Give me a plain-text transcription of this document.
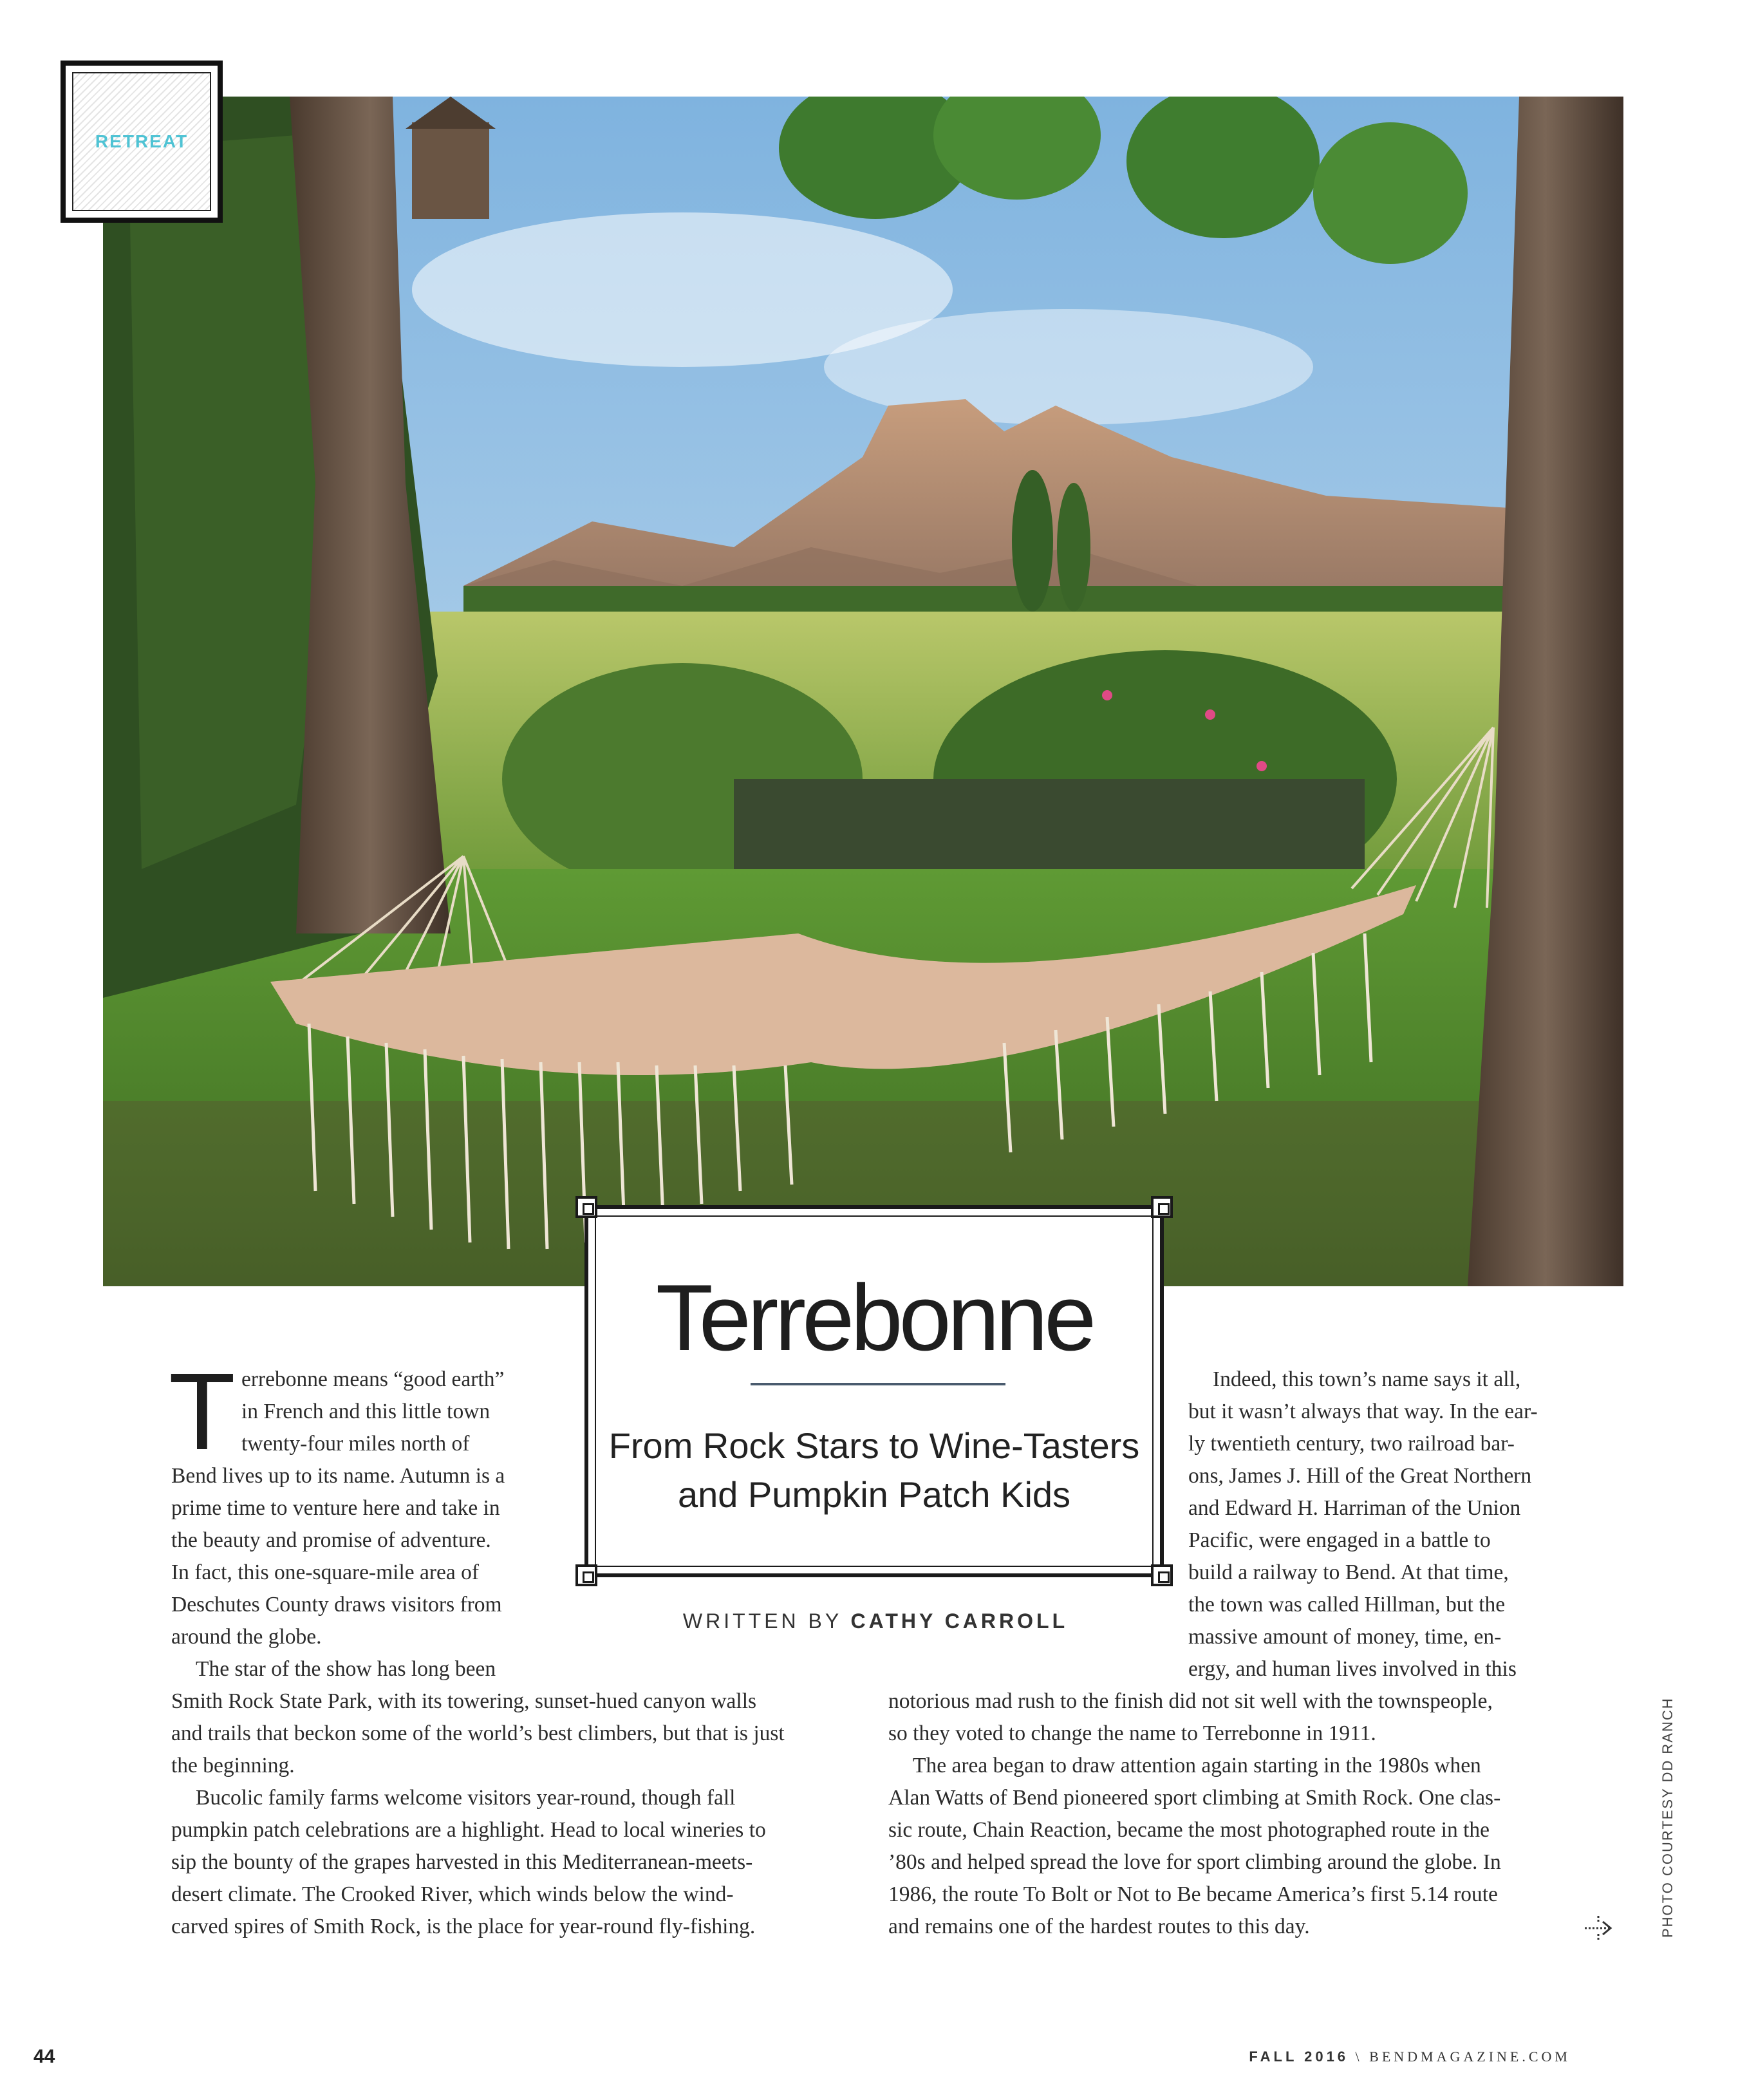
RETREAT
Terrebonne
From Rock Stars to Wine-Tasters
and Pumpkin Patch Kids
WRITTEN BY CATHY CARROLL
T errebonne means “good earth”
in French and this little town
twenty-four miles north of
Bend lives up to its name. Autumn is a
prime time to venture here and take in
the beauty and promise of adventure.
In fact, this one-square-mile area of
Deschutes County draws visitors from
around the globe.
The star of the show has long been
Smith Rock State Park, with its towering, sunset-hued canyon walls
and trails that beckon some of the world’s best climbers, but that is just
the beginning.
Bucolic family farms welcome visitors year-round, though fall
pumpkin patch celebrations are a highlight. Head to local wineries to
sip the bounty of the grapes harvested in this Mediterranean-meets-
desert climate. The Crooked River, which winds below the wind-
carved spires of Smith Rock, is the place for year-round fly-fishing.
Indeed, this town’s name says it all,
but it wasn’t always that way. In the ear-
ly twentieth century, two railroad bar-
ons, James J. Hill of the Great Northern
and Edward H. Harriman of the Union
Pacific, were engaged in a battle to
build a railway to Bend. At that time,
the town was called Hillman, but the
massive amount of money, time, en-
ergy, and human lives involved in this
notorious mad rush to the finish did not sit well with the townspeople,
so they voted to change the name to Terrebonne in 1911.
The area began to draw attention again starting in the 1980s when
Alan Watts of Bend pioneered sport climbing at Smith Rock. One clas-
sic route, Chain Reaction, became the most photographed route in the
’80s and helped spread the love for sport climbing around the globe. In
1986, the route To Bolt or Not to Be became America’s first 5.14 route
and remains one of the hardest routes to this day.	PHOTO COURTESY DD RANCH
44	FALL 2016 \ BENDMAGAZINE.COM
